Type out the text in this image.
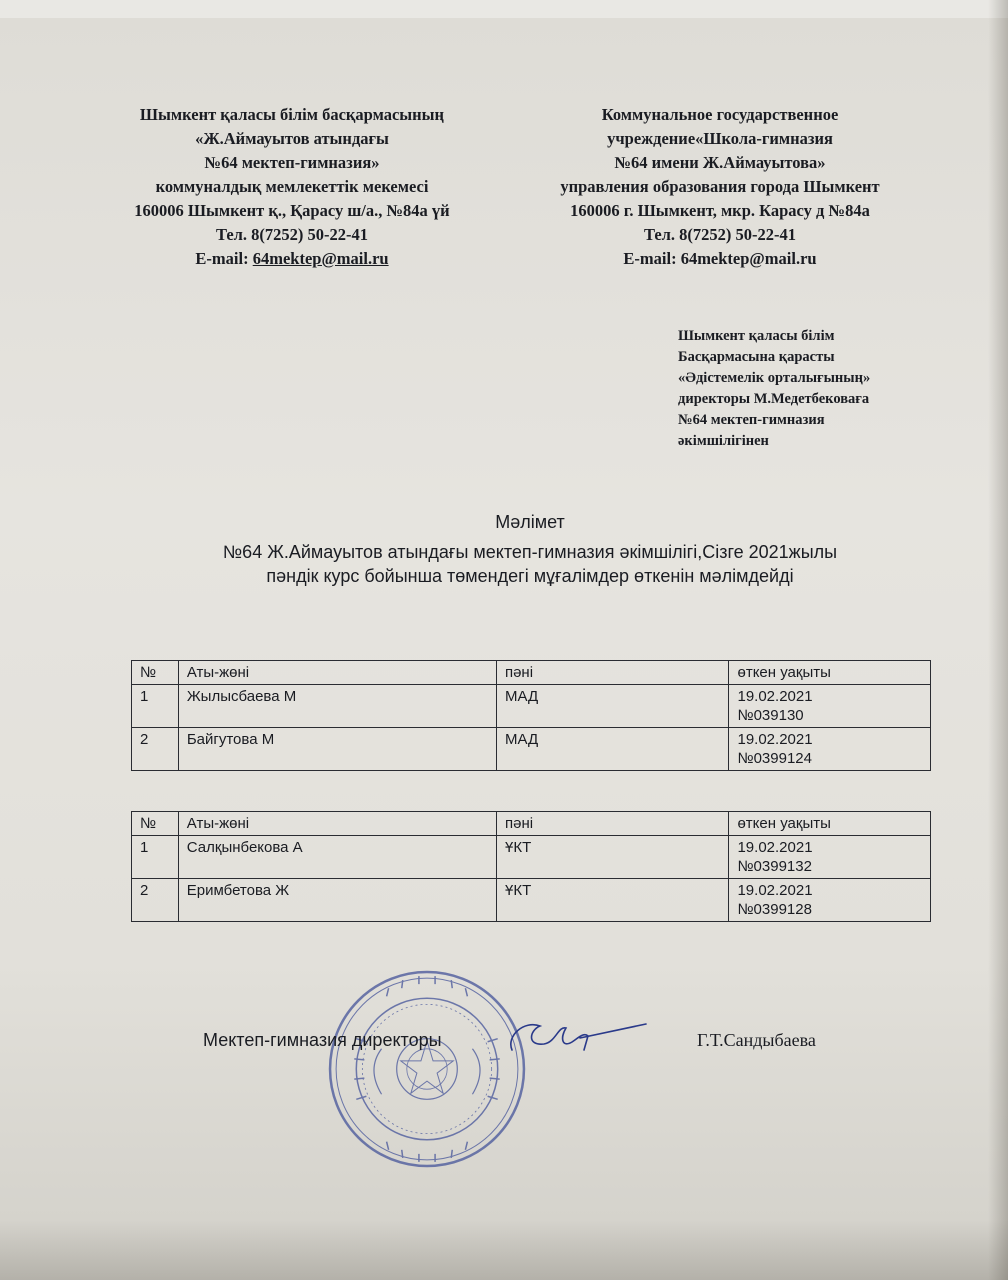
Шымкент қаласы білім басқармасының
«Ж.Аймауытов атындағы
№64 мектеп-гимназия»
коммуналдық мемлекеттік мекемесі
160006 Шымкент қ., Қарасу ш/а., №84а үй
Тел. 8(7252) 50-22-41
E-mail: 64mektep@mail.ru
Коммунальное государственное
учреждение«Школа-гимназия
№64 имени Ж.Аймауытова»
управления образования города Шымкент
160006 г. Шымкент, мкр. Карасу д №84а
Тел. 8(7252) 50-22-41
E-mail: 64mektep@mail.ru
Шымкент қаласы білім
Басқармасына қарасты
«Әдістемелік орталығының»
директоры М.Медетбековаға
№64 мектеп-гимназия
әкімшілігінен
Мәлімет
№64 Ж.Аймауытов атындағы мектеп-гимназия әкімшілігі,Сізге 2021жылы
пәндік курс бойынша төмендегі мұғалімдер өткенін мәлімдейді
№	Аты-жөні	пәні	өткен уақыты
1	Жылысбаева М	МАД	19.02.2021
№039130

2	Байгутова М	МАД	19.02.2021
№0399124
№	Аты-жөні	пәні	өткен уақыты
1	Салқынбекова А	ҰКТ	19.02.2021
№0399132

2	Еримбетова Ж	ҰКТ	19.02.2021
№0399128
Мектеп-гимназия директоры	Г.Т.Сандыбаева
